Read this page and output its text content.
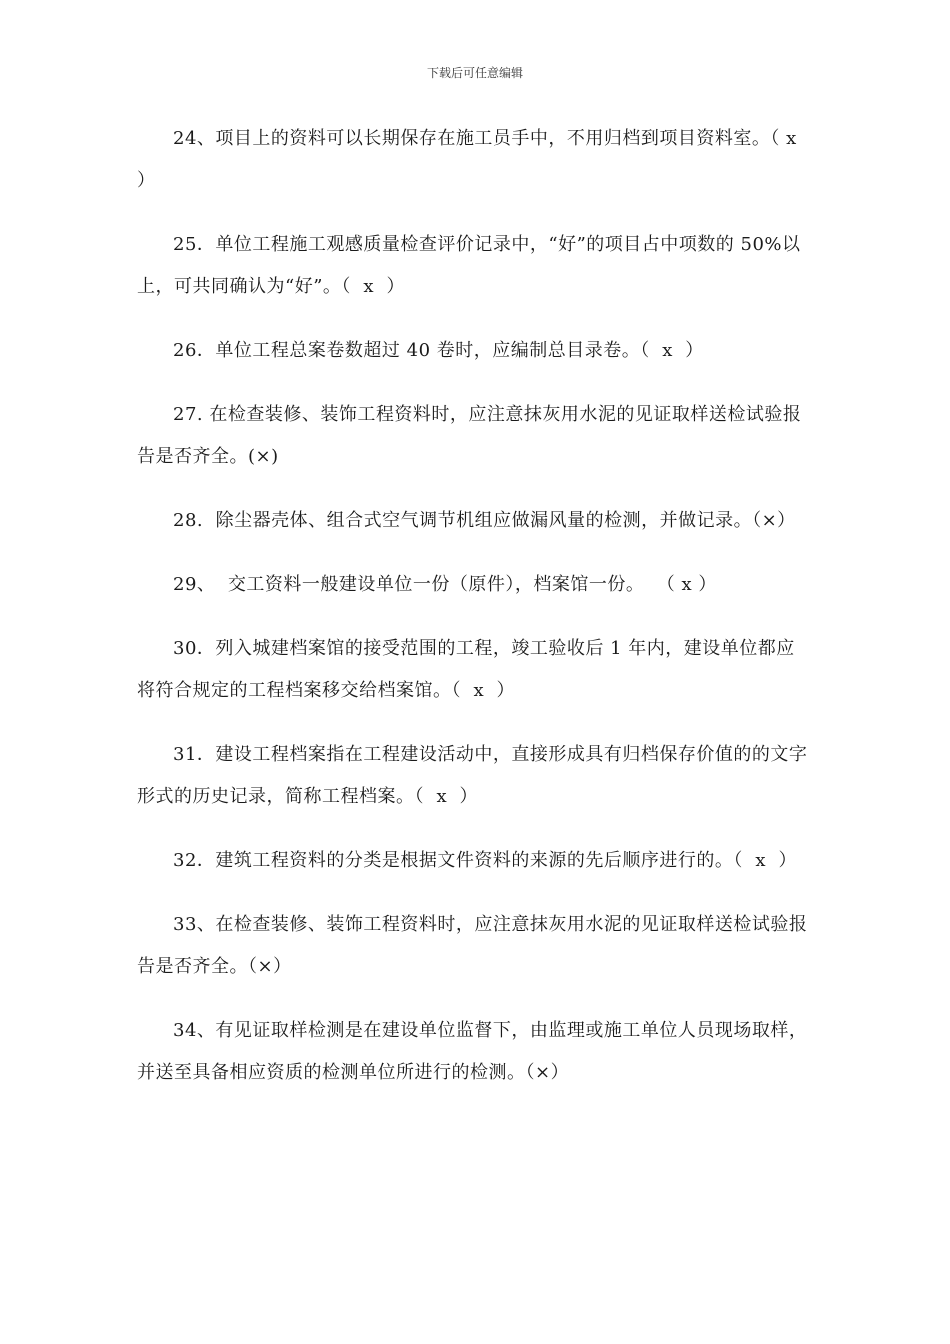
下载后可任意编辑

24、项目上的资料可以长期保存在施工员手中，不用归档到项目资料室。（ x ）

25．单位工程施工观感质量检查评价记录中，“好”的项目占中项数的 50%以上，可共同确认为“好”。（  x  ）

26．单位工程总案卷数超过 40 卷时，应编制总目录卷。（  x  ）

27. 在检查装修、装饰工程资料时，应注意抹灰用水泥的见证取样送检试验报告是否齐全。(×)

28.  除尘器壳体、组合式空气调节机组应做漏风量的检测，并做记录。（×）

29、  交工资料一般建设单位一份（原件），档案馆一份。  （ x ）

30．列入城建档案馆的接受范围的工程，竣工验收后 1 年内，建设单位都应将符合规定的工程档案移交给档案馆。（  x  ）

31．建设工程档案指在工程建设活动中，直接形成具有归档保存价值的的文字形式的历史记录，简称工程档案。（  x  ）

32．建筑工程资料的分类是根据文件资料的来源的先后顺序进行的。（  x  ）

33、在检查装修、装饰工程资料时，应注意抹灰用水泥的见证取样送检试验报告是否齐全。（×）

34、有见证取样检测是在建设单位监督下，由监理或施工单位人员现场取样，并送至具备相应资质的检测单位所进行的检测。（×）
